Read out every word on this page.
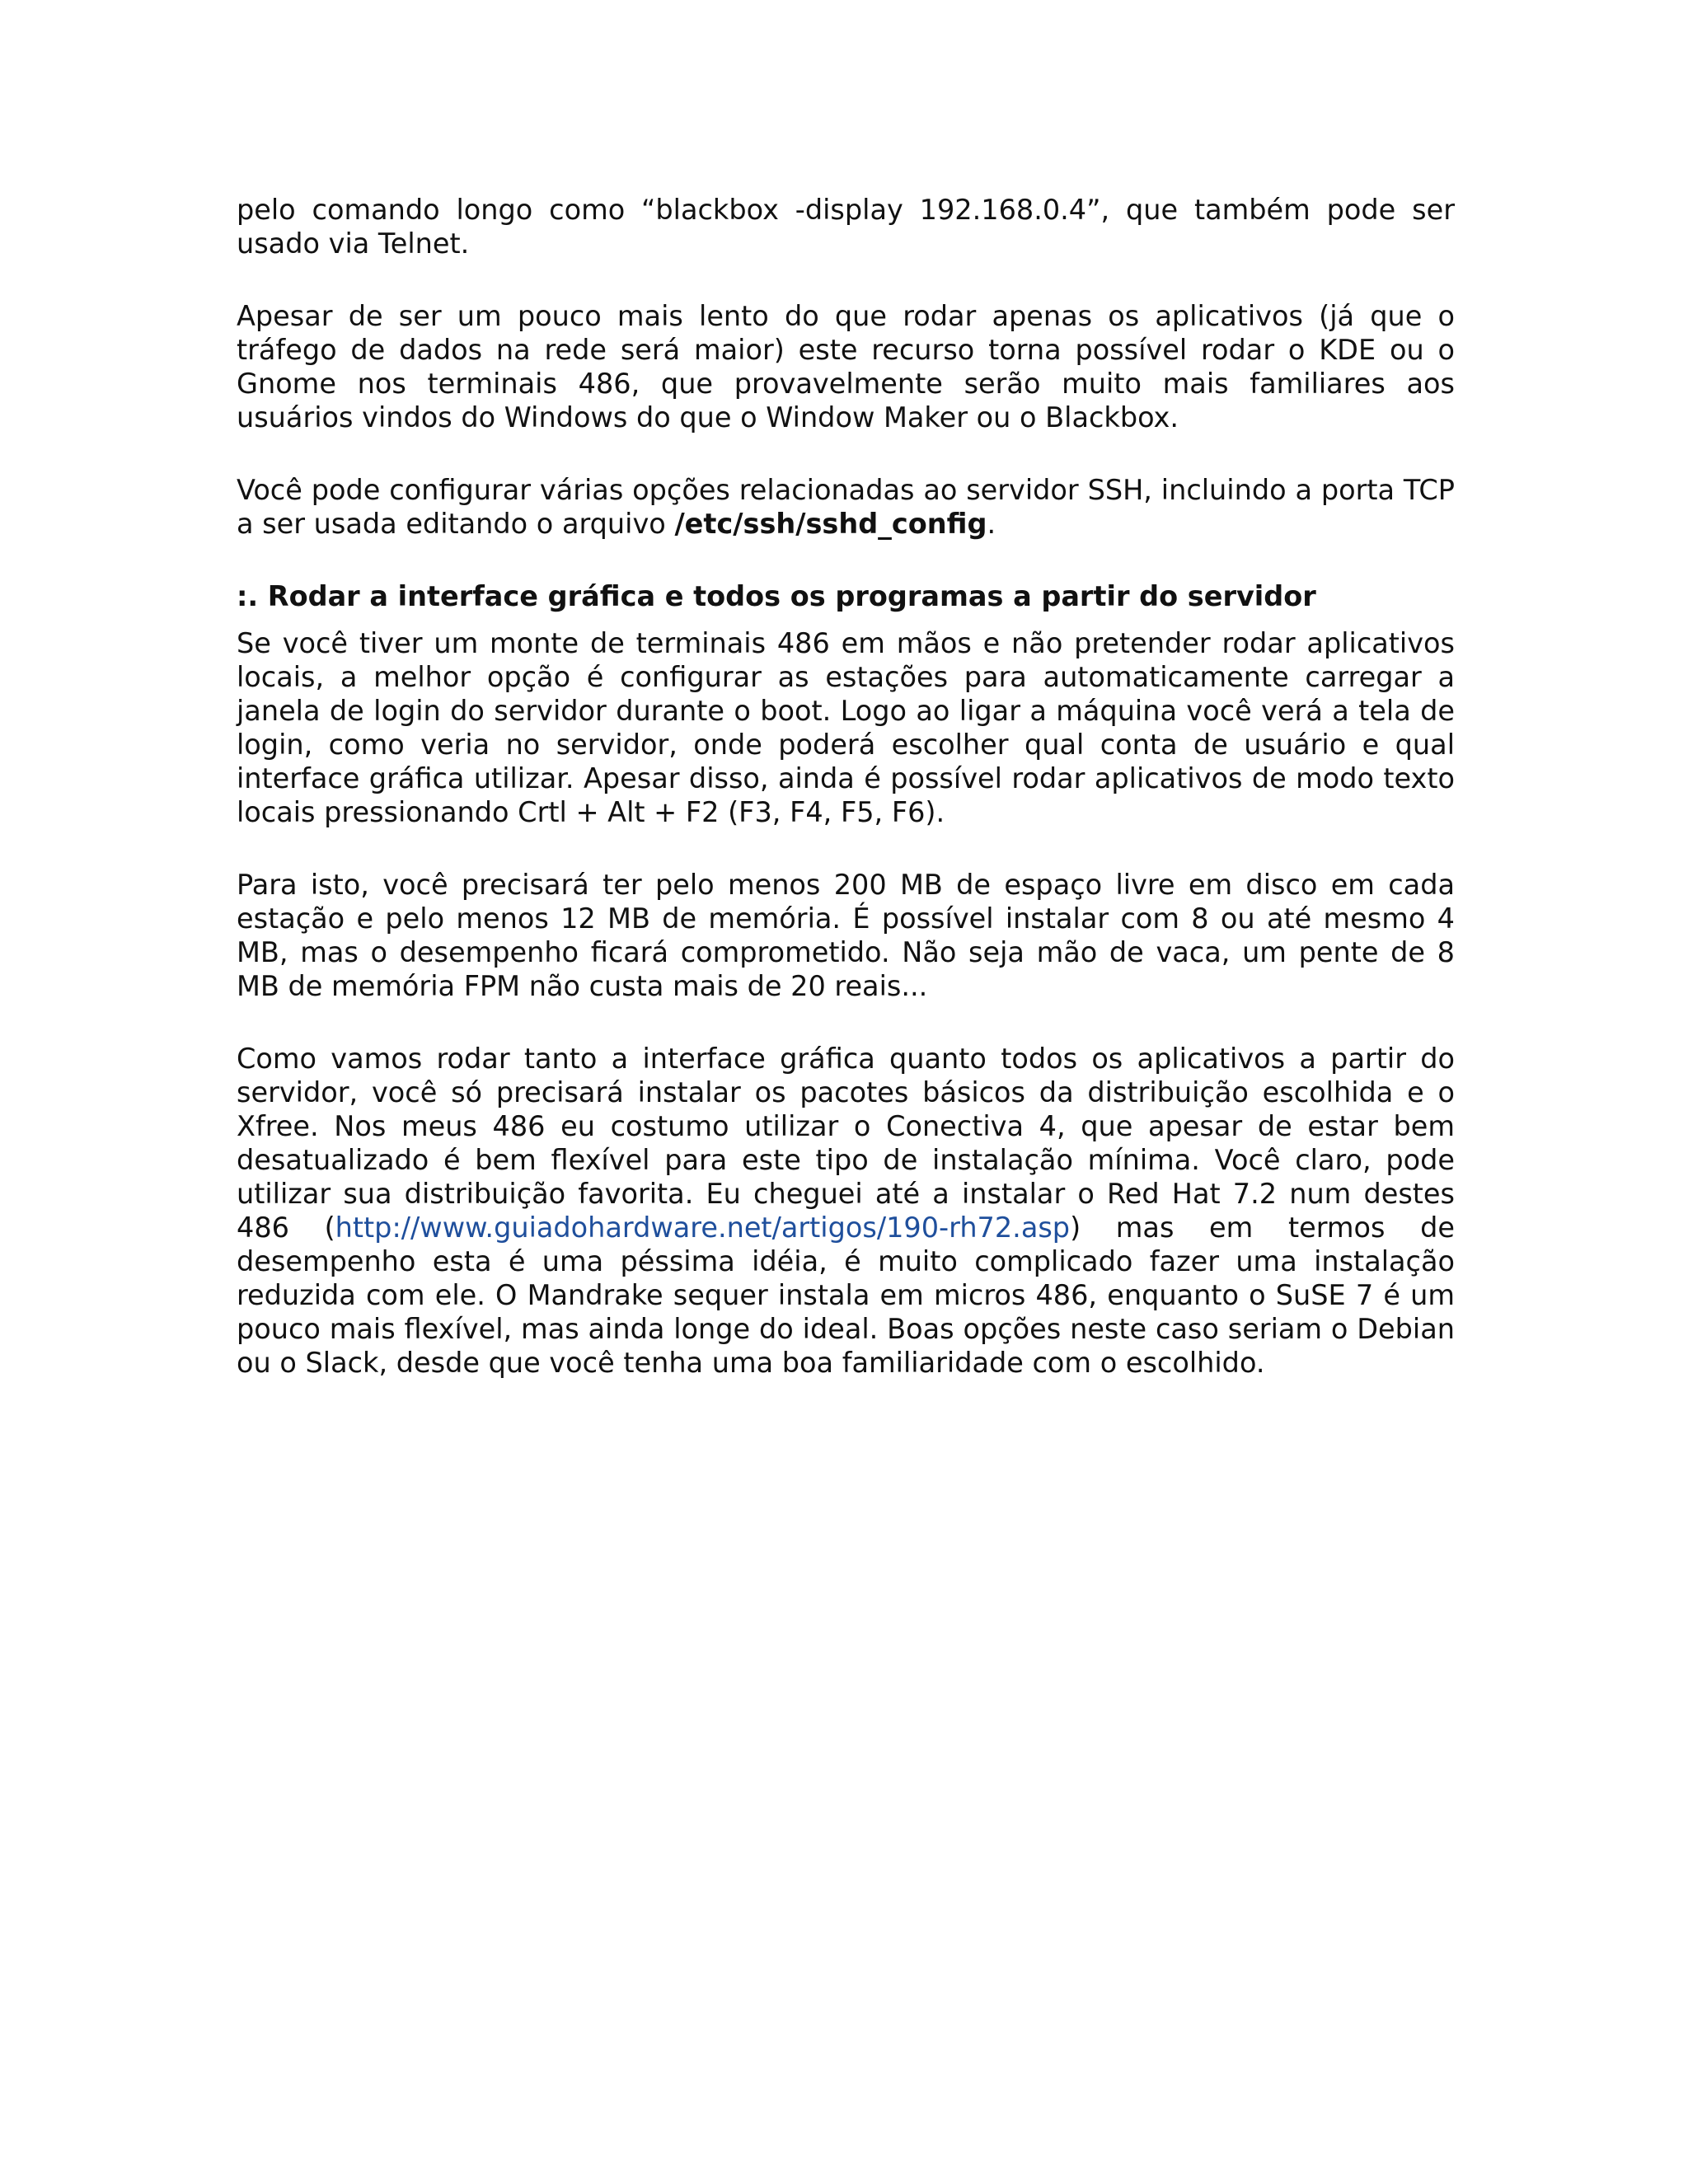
pelo comando longo como “blackbox -display 192.168.0.4”, que também pode ser usado via Telnet.

Apesar de ser um pouco mais lento do que rodar apenas os aplicativos (já que o tráfego de dados na rede será maior) este recurso torna possível rodar o KDE ou o Gnome nos terminais 486, que provavelmente serão muito mais familiares aos usuários vindos do Windows do que o Window Maker ou o Blackbox.

Você pode configurar várias opções relacionadas ao servidor SSH, incluindo a porta TCP a ser usada editando o arquivo /etc/ssh/sshd_config.

:. Rodar a interface gráfica e todos os programas a partir do servidor

Se você tiver um monte de terminais 486 em mãos e não pretender rodar aplicativos locais, a melhor opção é configurar as estações para automaticamente carregar a janela de login do servidor durante o boot. Logo ao ligar a máquina você verá a tela de login, como veria no servidor, onde poderá escolher qual conta de usuário e qual interface gráfica utilizar. Apesar disso, ainda é possível rodar aplicativos de modo texto locais pressionando Crtl + Alt + F2 (F3, F4, F5, F6).

Para isto, você precisará ter pelo menos 200 MB de espaço livre em disco em cada estação e pelo menos 12 MB de memória. É possível instalar com 8 ou até mesmo 4 MB, mas o desempenho ficará comprometido. Não seja mão de vaca, um pente de 8 MB de memória FPM não custa mais de 20 reais...

Como vamos rodar tanto a interface gráfica quanto todos os aplicativos a partir do servidor, você só precisará instalar os pacotes básicos da distribuição escolhida e o Xfree. Nos meus 486 eu costumo utilizar o Conectiva 4, que apesar de estar bem desatualizado é bem flexível para este tipo de instalação mínima. Você claro, pode utilizar sua distribuição favorita. Eu cheguei até a instalar o Red Hat 7.2 num destes 486 (http://www.guiadohardware.net/artigos/190-rh72.asp) mas em termos de desempenho esta é uma péssima idéia, é muito complicado fazer uma instalação reduzida com ele. O Mandrake sequer instala em micros 486, enquanto o SuSE 7 é um pouco mais flexível, mas ainda longe do ideal. Boas opções neste caso seriam o Debian ou o Slack, desde que você tenha uma boa familiaridade com o escolhido.
